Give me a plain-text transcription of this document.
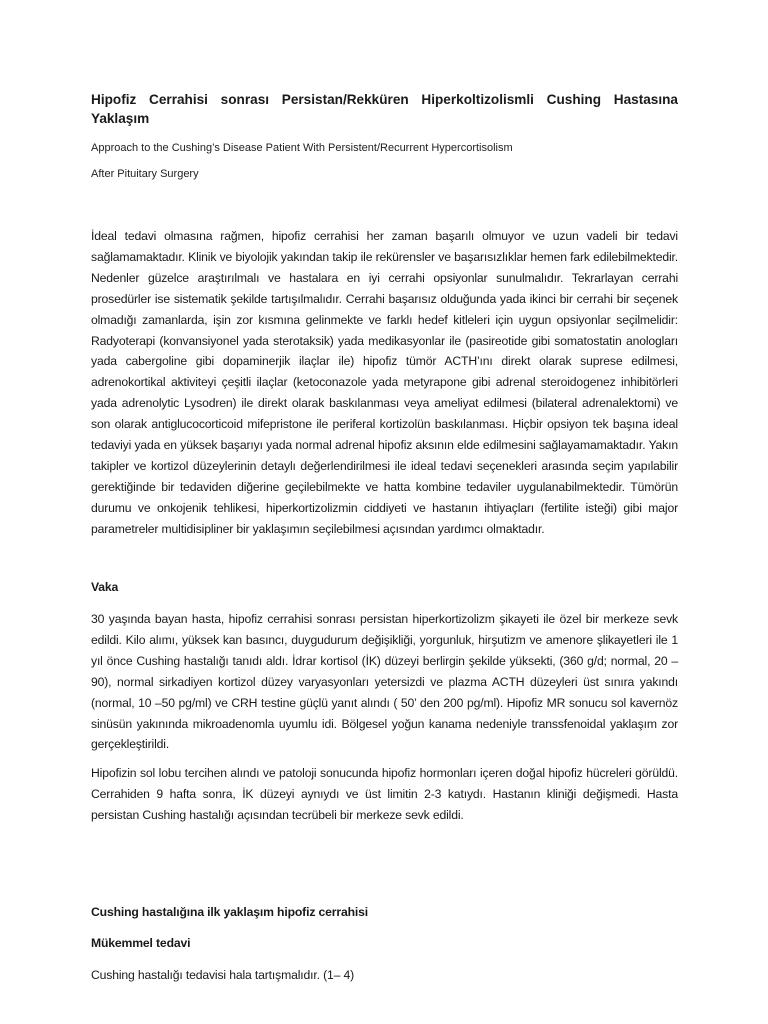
Hipofiz Cerrahisi sonrası Persistan/Rekküren Hiperkoltizolismli Cushing Hastasına Yaklaşım

Approach to the Cushing’s Disease Patient With Persistent/Recurrent Hypercortisolism

After Pituitary Surgery

İdeal tedavi olmasına rağmen, hipofiz cerrahisi her zaman başarılı olmuyor ve uzun vadeli bir tedavi sağlamamaktadır. Klinik ve biyolojik yakından takip ile rekürensler ve başarısızlıklar hemen fark edilebilmektedir. Nedenler güzelce araştırılmalı ve hastalara en iyi cerrahi opsiyonlar sunulmalıdır. Tekrarlayan cerrahi prosedürler ise sistematik şekilde tartışılmalıdır. Cerrahi başarısız olduğunda yada ikinci bir cerrahi bir seçenek olmadığı zamanlarda, işin zor kısmına gelinmekte ve farklı hedef kitleleri için uygun opsiyonlar seçilmelidir: Radyoterapi (konvansiyonel yada sterotaksik) yada medikasyonlar ile (pasireotide gibi somatostatin anologları yada cabergoline gibi dopaminerjik ilaçlar ile) hipofiz tümör ACTH’ını direkt olarak suprese edilmesi, adrenokortikal aktiviteyi çeşitli ilaçlar (ketoconazole yada metyrapone gibi adrenal steroidogenez inhibitörleri yada adrenolytic Lysodren) ile direkt olarak baskılanması veya ameliyat edilmesi (bilateral adrenalektomi) ve son olarak antiglucocorticoid mifepristone ile periferal kortizolün baskılanması. Hiçbir opsiyon tek başına ideal tedaviyi yada en yüksek başarıyı yada normal adrenal hipofiz aksının elde edilmesini sağlayamamaktadır. Yakın takipler ve kortizol düzeylerinin detaylı değerlendirilmesi ile ideal tedavi seçenekleri arasında seçim yapılabilir gerektiğinde bir tedaviden diğerine geçilebilmekte ve hatta kombine tedaviler uygulanabilmektedir. Tümörün durumu ve onkojenik tehlikesi, hiperkortizolizmin ciddiyeti ve hastanın ihtiyaçları (fertilite isteği) gibi major parametreler multidisipliner bir yaklaşımın seçilebilmesi açısından yardımcı olmaktadır.

Vaka

30 yaşında bayan hasta, hipofiz cerrahisi sonrası persistan hiperkortizolizm şikayeti ile özel bir merkeze sevk edildi. Kilo alımı, yüksek kan basıncı, duygudurum değişikliği, yorgunluk, hirşutizm ve amenore şlikayetleri ile 1 yıl önce Cushing hastalığı tanıdı aldı. İdrar kortisol (İK) düzeyi berlirgin şekilde yüksekti, (360 g/d; normal, 20 –90), normal sirkadiyen kortizol düzey varyasyonları yetersizdi ve plazma ACTH düzeyleri üst sınıra yakındı (normal, 10 –50 pg/ml) ve CRH testine güçlü yanıt alındı ( 50’ den 200 pg/ml). Hipofiz MR sonucu sol kavernöz sinüsün yakınında mikroadenomla uyumlu idi. Bölgesel yoğun kanama nedeniyle transsfenoidal yaklaşım zor gerçekleştirildi.

Hipofizin sol lobu tercihen alındı ve patoloji sonucunda hipofiz hormonları içeren doğal hipofiz hücreleri görüldü. Cerrahiden 9 hafta sonra, İK düzeyi aynıydı ve üst limitin 2-3 katıydı. Hastanın kliniği değişmedi. Hasta persistan Cushing hastalığı açısından tecrübeli bir merkeze sevk edildi.

Cushing hastalığına ilk yaklaşım hipofiz cerrahisi

Mükemmel tedavi

Cushing hastalığı tedavisi hala tartışmalıdır. (1– 4)
